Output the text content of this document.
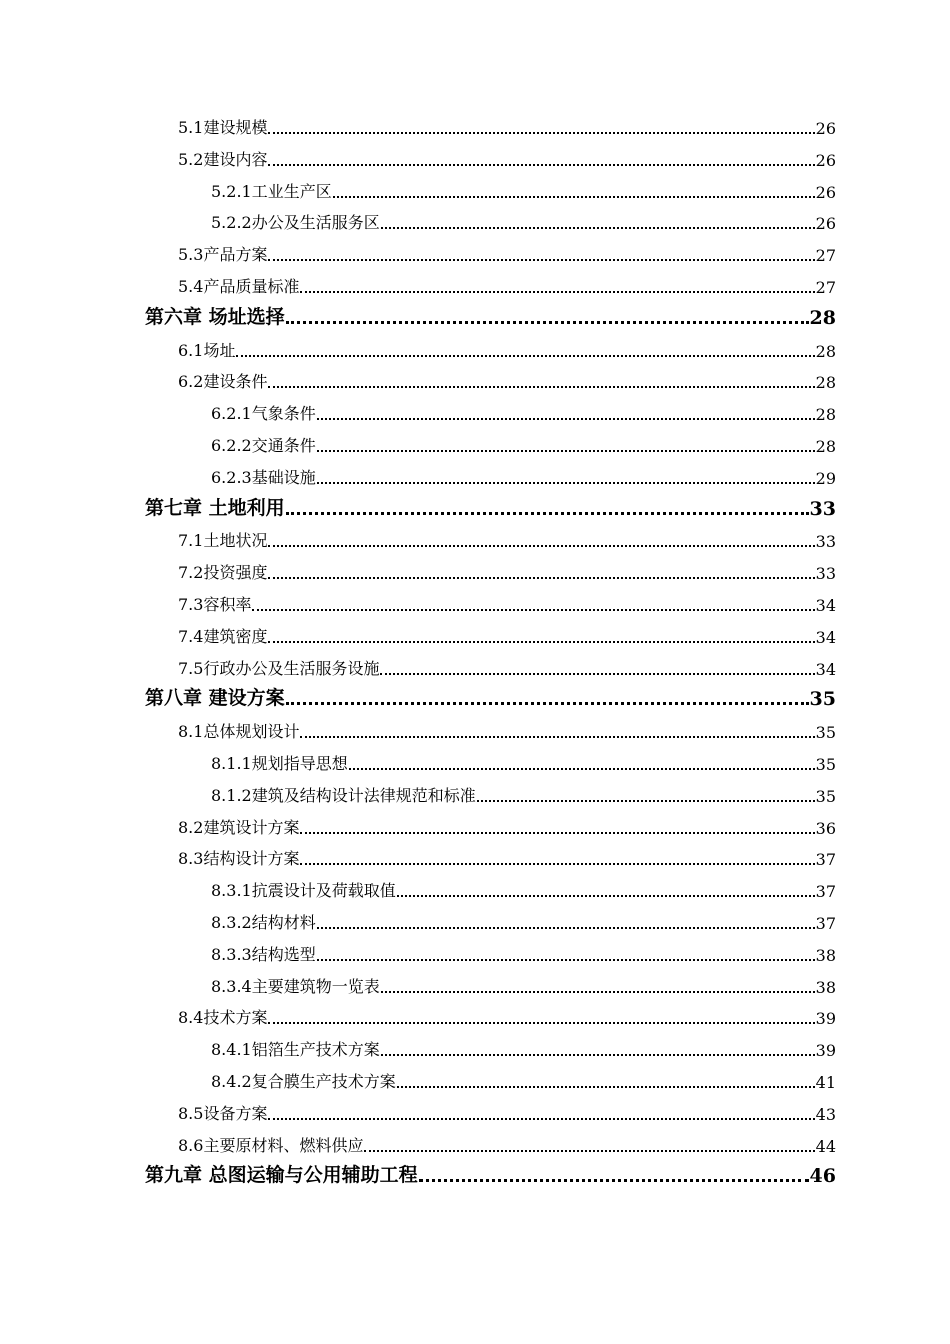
5.1建设规模	26
5.2建设内容	26
5.2.1工业生产区	26
5.2.2办公及生活服务区	26
5.3产品方案	27
5.4产品质量标准	27
第六章 场址选择	28
6.1场址	28
6.2建设条件	28
6.2.1气象条件	28
6.2.2交通条件	28
6.2.3基础设施	29
第七章 土地利用	33
7.1土地状况	33
7.2投资强度	33
7.3容积率	34
7.4建筑密度	34
7.5行政办公及生活服务设施	34
第八章 建设方案	35
8.1总体规划设计	35
8.1.1规划指导思想	35
8.1.2建筑及结构设计法律规范和标准	35
8.2建筑设计方案	36
8.3结构设计方案	37
8.3.1抗震设计及荷载取值	37
8.3.2结构材料	37
8.3.3结构选型	38
8.3.4主要建筑物一览表	38
8.4技术方案	39
8.4.1铝箔生产技术方案	39
8.4.2复合膜生产技术方案	41
8.5设备方案	43
8.6主要原材料、燃料供应	44
第九章 总图运输与公用辅助工程	46
